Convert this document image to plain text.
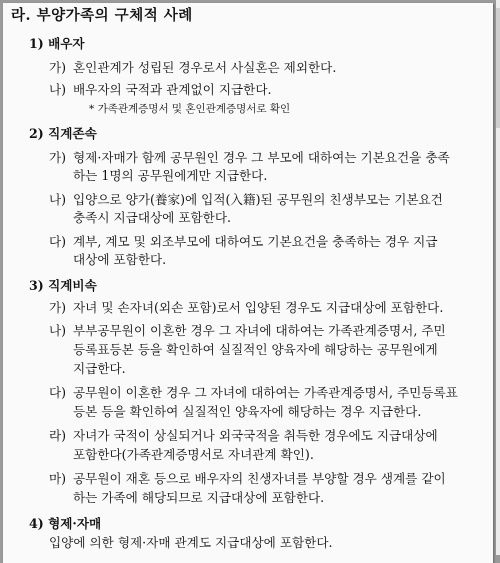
라. 부양가족의 구체적 사례
1) 배우자
가) 혼인관계가 성립된 경우로서 사실혼은 제외한다.
나) 배우자의 국적과 관계없이 지급한다.
* 가족관계증명서 및 혼인관계증명서로 확인
2) 직계존속
가) 형제·자매가 함께 공무원인 경우 그 부모에 대하여는 기본요건을 충족
하는 1명의 공무원에게만 지급한다.
나) 입양으로 양가(養家)에 입적(入籍)된 공무원의 친생부모는 기본요건
충족시 지급대상에 포함한다.
다) 계부, 계모 및 외조부모에 대하여도 기본요건을 충족하는 경우 지급
대상에 포함한다.
3) 직계비속
가) 자녀 및 손자녀(외손 포함)로서 입양된 경우도 지급대상에 포함한다.
나) 부부공무원이 이혼한 경우 그 자녀에 대하여는 가족관계증명서, 주민
등록표등본 등을 확인하여 실질적인 양육자에 해당하는 공무원에게
지급한다.
다) 공무원이 이혼한 경우 그 자녀에 대하여는 가족관계증명서, 주민등록표
등본 등을 확인하여 실질적인 양육자에 해당하는 경우 지급한다.
라) 자녀가 국적이 상실되거나 외국국적을 취득한 경우에도 지급대상에
포함한다(가족관계증명서로 자녀관계 확인).
마) 공무원이 재혼 등으로 배우자의 친생자녀를 부양할 경우 생계를 같이
하는 가족에 해당되므로 지급대상에 포함한다.
4) 형제·자매
입양에 의한 형제·자매 관계도 지급대상에 포함한다.
